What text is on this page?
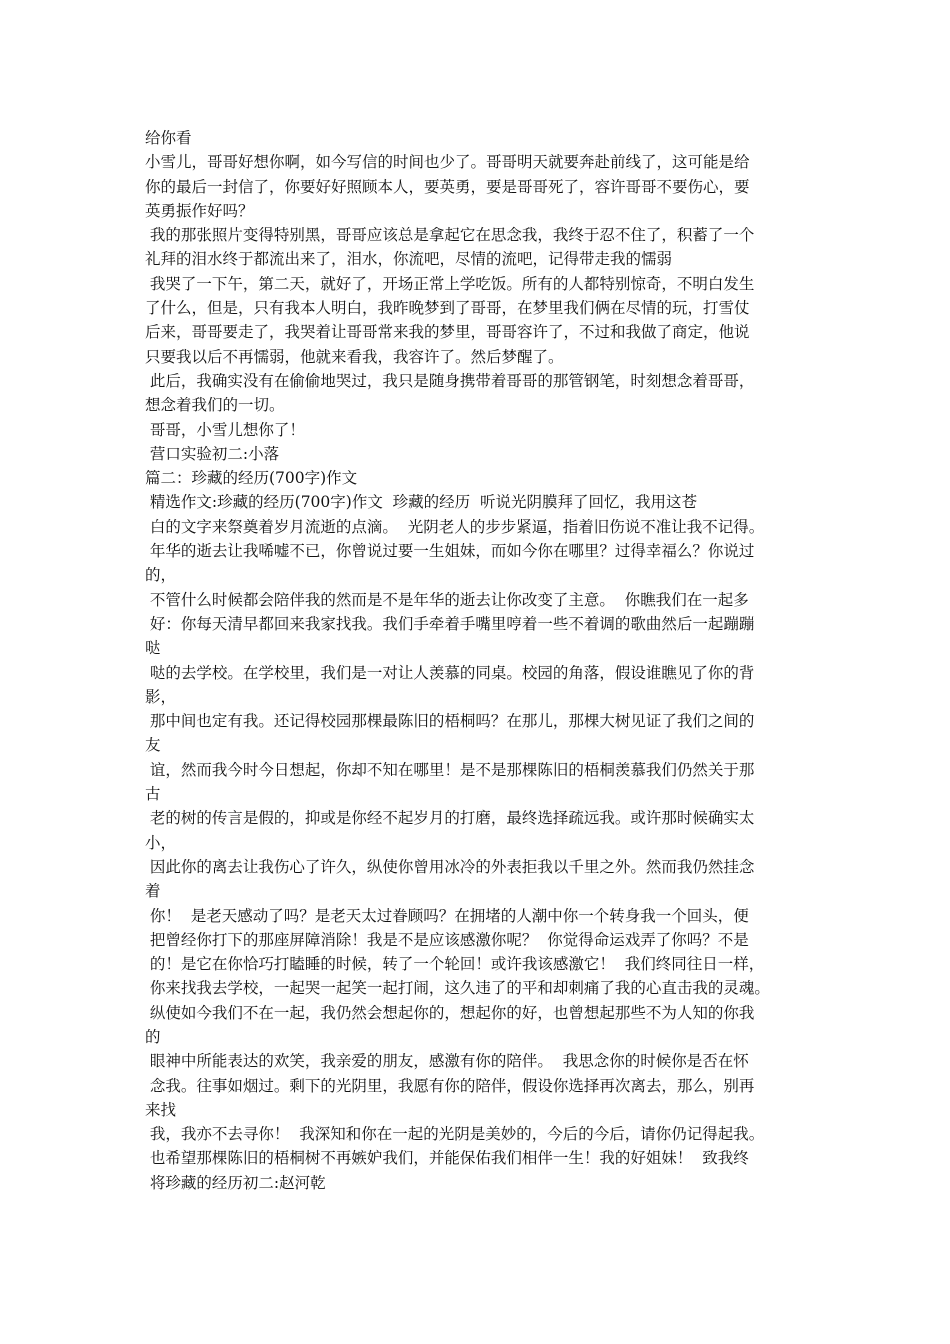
给你看
小雪儿，哥哥好想你啊，如今写信的时间也少了。哥哥明天就要奔赴前线了，这可能是给
你的最后一封信了，你要好好照顾本人，要英勇，要是哥哥死了，容许哥哥不要伤心，要
英勇振作好吗？
我的那张照片变得特别黑，哥哥应该总是拿起它在思念我，我终于忍不住了，积蓄了一个
礼拜的泪水终于都流出来了，泪水，你流吧，尽情的流吧，记得带走我的懦弱
我哭了一下午，第二天，就好了，开场正常上学吃饭。所有的人都特别惊奇，不明白发生
了什么，但是，只有我本人明白，我昨晚梦到了哥哥，在梦里我们俩在尽情的玩，打雪仗
后来，哥哥要走了，我哭着让哥哥常来我的梦里，哥哥容许了，不过和我做了商定，他说
只要我以后不再懦弱，他就来看我，我容许了。然后梦醒了。
此后，我确实没有在偷偷地哭过，我只是随身携带着哥哥的那管钢笔，时刻想念着哥哥，
想念着我们的一切。
哥哥，小雪儿想你了！
营口实验初二:小落
篇二：珍藏的经历(700字)作文
精选作文:珍藏的经历(700字)作文  珍藏的经历  听说光阴膜拜了回忆，我用这苍
白的文字来祭奠着岁月流逝的点滴。  光阴老人的步步紧逼，指着旧伤说不准让我不记得。
年华的逝去让我唏嘘不已，你曾说过要一生姐妹，而如今你在哪里？过得幸福么？你说过
的，
不管什么时候都会陪伴我的然而是不是年华的逝去让你改变了主意。  你瞧我们在一起多
好：你每天清早都回来我家找我。我们手牵着手嘴里哼着一些不着调的歌曲然后一起蹦蹦
哒
哒的去学校。在学校里，我们是一对让人羡慕的同桌。校园的角落，假设谁瞧见了你的背
影，
那中间也定有我。还记得校园那棵最陈旧的梧桐吗？在那儿，那棵大树见证了我们之间的
友
谊，然而我今时今日想起，你却不知在哪里！是不是那棵陈旧的梧桐羡慕我们仍然关于那
古
老的树的传言是假的，抑或是你经不起岁月的打磨，最终选择疏远我。或许那时候确实太
小，
因此你的离去让我伤心了许久，纵使你曾用冰冷的外表拒我以千里之外。然而我仍然挂念
着
你！  是老天感动了吗？是老天太过眷顾吗？在拥堵的人潮中你一个转身我一个回头，便
把曾经你打下的那座屏障消除！我是不是应该感激你呢？  你觉得命运戏弄了你吗？不是
的！是它在你恰巧打瞌睡的时候，转了一个轮回！或许我该感激它！  我们终同往日一样，
你来找我去学校，一起哭一起笑一起打闹，这久违了的平和却刺痛了我的心直击我的灵魂。
纵使如今我们不在一起，我仍然会想起你的，想起你的好，也曾想起那些不为人知的你我
的
眼神中所能表达的欢笑，我亲爱的朋友，感激有你的陪伴。  我思念你的时候你是否在怀
念我。往事如烟过。剩下的光阴里，我愿有你的陪伴，假设你选择再次离去，那么，别再
来找
我，我亦不去寻你！  我深知和你在一起的光阴是美妙的，今后的今后，请你仍记得起我。
也希望那棵陈旧的梧桐树不再嫉妒我们，并能保佑我们相伴一生！我的好姐妹！  致我终
将珍藏的经历初二:赵河乾
